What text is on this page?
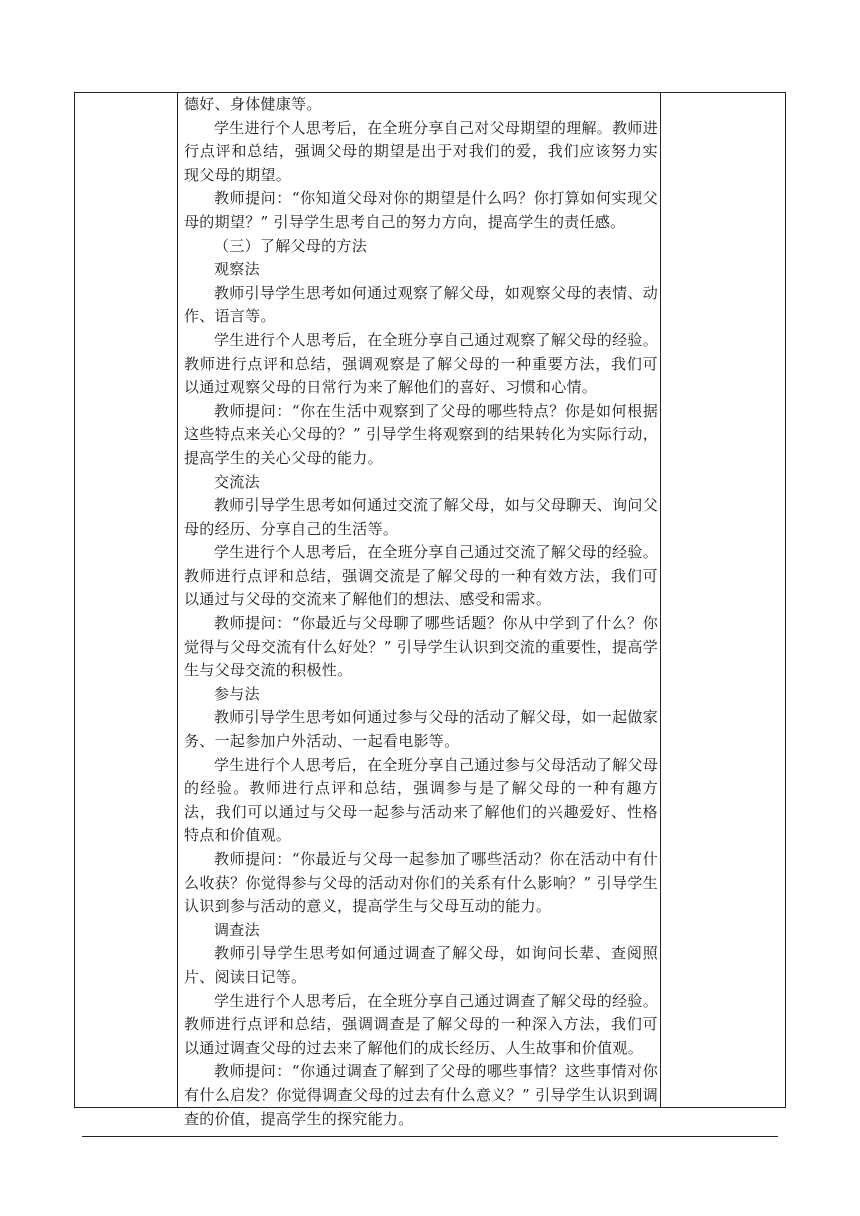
德好、身体健康等。

学生进行个人思考后，在全班分享自己对父母期望的理解。教师进行点评和总结，强调父母的期望是出于对我们的爱，我们应该努力实现父母的期望。

教师提问：“你知道父母对你的期望是什么吗？你打算如何实现父母的期望？” 引导学生思考自己的努力方向，提高学生的责任感。

（三）了解父母的方法

观察法

教师引导学生思考如何通过观察了解父母，如观察父母的表情、动作、语言等。

学生进行个人思考后，在全班分享自己通过观察了解父母的经验。教师进行点评和总结，强调观察是了解父母的一种重要方法，我们可以通过观察父母的日常行为来了解他们的喜好、习惯和心情。

教师提问：“你在生活中观察到了父母的哪些特点？你是如何根据这些特点来关心父母的？” 引导学生将观察到的结果转化为实际行动，提高学生的关心父母的能力。

交流法

教师引导学生思考如何通过交流了解父母，如与父母聊天、询问父母的经历、分享自己的生活等。

学生进行个人思考后，在全班分享自己通过交流了解父母的经验。教师进行点评和总结，强调交流是了解父母的一种有效方法，我们可以通过与父母的交流来了解他们的想法、感受和需求。

教师提问：“你最近与父母聊了哪些话题？你从中学到了什么？你觉得与父母交流有什么好处？” 引导学生认识到交流的重要性，提高学生与父母交流的积极性。

参与法

教师引导学生思考如何通过参与父母的活动了解父母，如一起做家务、一起参加户外活动、一起看电影等。

学生进行个人思考后，在全班分享自己通过参与父母活动了解父母的经验。教师进行点评和总结，强调参与是了解父母的一种有趣方法，我们可以通过与父母一起参与活动来了解他们的兴趣爱好、性格特点和价值观。

教师提问：“你最近与父母一起参加了哪些活动？你在活动中有什么收获？你觉得参与父母的活动对你们的关系有什么影响？” 引导学生认识到参与活动的意义，提高学生与父母互动的能力。

调查法

教师引导学生思考如何通过调查了解父母，如询问长辈、查阅照片、阅读日记等。

学生进行个人思考后，在全班分享自己通过调查了解父母的经验。教师进行点评和总结，强调调查是了解父母的一种深入方法，我们可以通过调查父母的过去来了解他们的成长经历、人生故事和价值观。

教师提问：“你通过调查了解到了父母的哪些事情？这些事情对你有什么启发？你觉得调查父母的过去有什么意义？” 引导学生认识到调查的价值，提高学生的探究能力。
